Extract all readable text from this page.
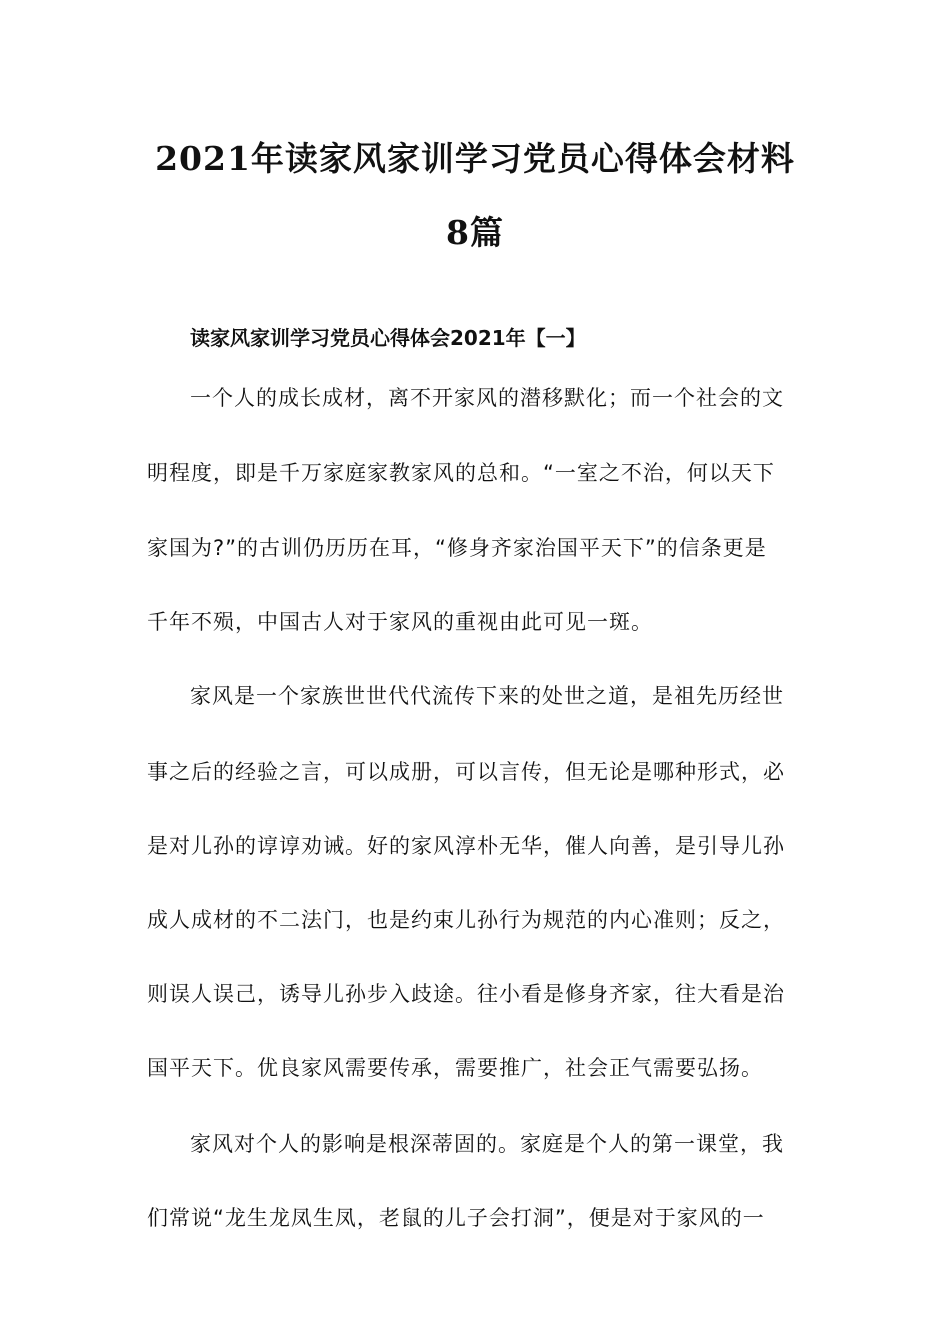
2021年读家风家训学习党员心得体会材料
8篇
读家风家训学习党员心得体会2021年【一】
一个人的成长成材，离不开家风的潜移默化；而一个社会的文
明程度，即是千万家庭家教家风的总和。“一室之不治，何以天下
家国为?”的古训仍历历在耳，“修身齐家治国平天下”的信条更是
千年不殒，中国古人对于家风的重视由此可见一斑。
家风是一个家族世世代代流传下来的处世之道，是祖先历经世
事之后的经验之言，可以成册，可以言传，但无论是哪种形式，必
是对儿孙的谆谆劝诫。好的家风淳朴无华，催人向善，是引导儿孙
成人成材的不二法门，也是约束儿孙行为规范的内心准则；反之，
则误人误己，诱导儿孙步入歧途。往小看是修身齐家，往大看是治
国平天下。优良家风需要传承，需要推广，社会正气需要弘扬。
家风对个人的影响是根深蒂固的。家庭是个人的第一课堂，我
们常说“龙生龙凤生凤，老鼠的儿子会打洞”，便是对于家风的一
